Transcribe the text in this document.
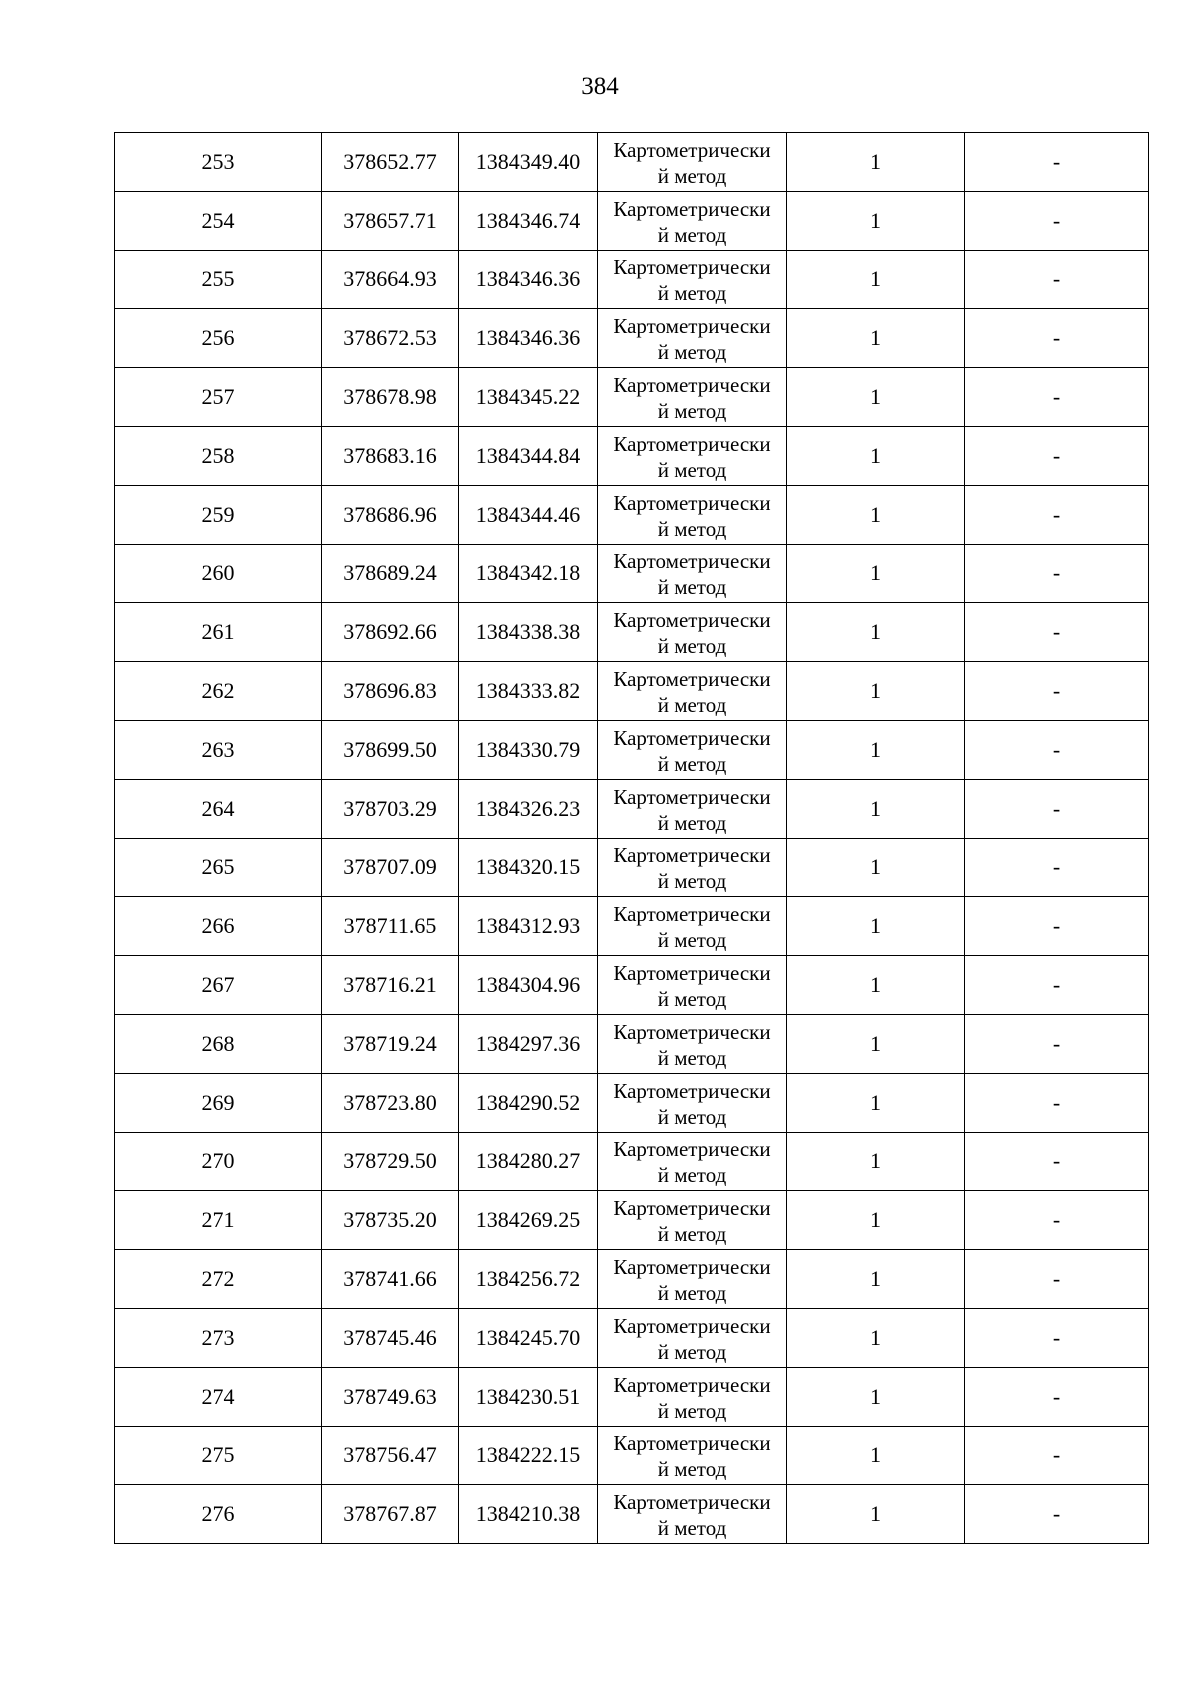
384
253	378652.77	1384349.40	Картометрически
й метод	1	-
254	378657.71	1384346.74	Картометрически
й метод	1	-
255	378664.93	1384346.36	Картометрически
й метод	1	-
256	378672.53	1384346.36	Картометрически
й метод	1	-
257	378678.98	1384345.22	Картометрически
й метод	1	-
258	378683.16	1384344.84	Картометрически
й метод	1	-
259	378686.96	1384344.46	Картометрически
й метод	1	-
260	378689.24	1384342.18	Картометрически
й метод	1	-
261	378692.66	1384338.38	Картометрически
й метод	1	-
262	378696.83	1384333.82	Картометрически
й метод	1	-
263	378699.50	1384330.79	Картометрически
й метод	1	-
264	378703.29	1384326.23	Картометрически
й метод	1	-
265	378707.09	1384320.15	Картометрически
й метод	1	-
266	378711.65	1384312.93	Картометрически
й метод	1	-
267	378716.21	1384304.96	Картометрически
й метод	1	-
268	378719.24	1384297.36	Картометрически
й метод	1	-
269	378723.80	1384290.52	Картометрически
й метод	1	-
270	378729.50	1384280.27	Картометрически
й метод	1	-
271	378735.20	1384269.25	Картометрически
й метод	1	-
272	378741.66	1384256.72	Картометрически
й метод	1	-
273	378745.46	1384245.70	Картометрически
й метод	1	-
274	378749.63	1384230.51	Картометрически
й метод	1	-
275	378756.47	1384222.15	Картометрически
й метод	1	-
276	378767.87	1384210.38	Картометрически
й метод	1	-
